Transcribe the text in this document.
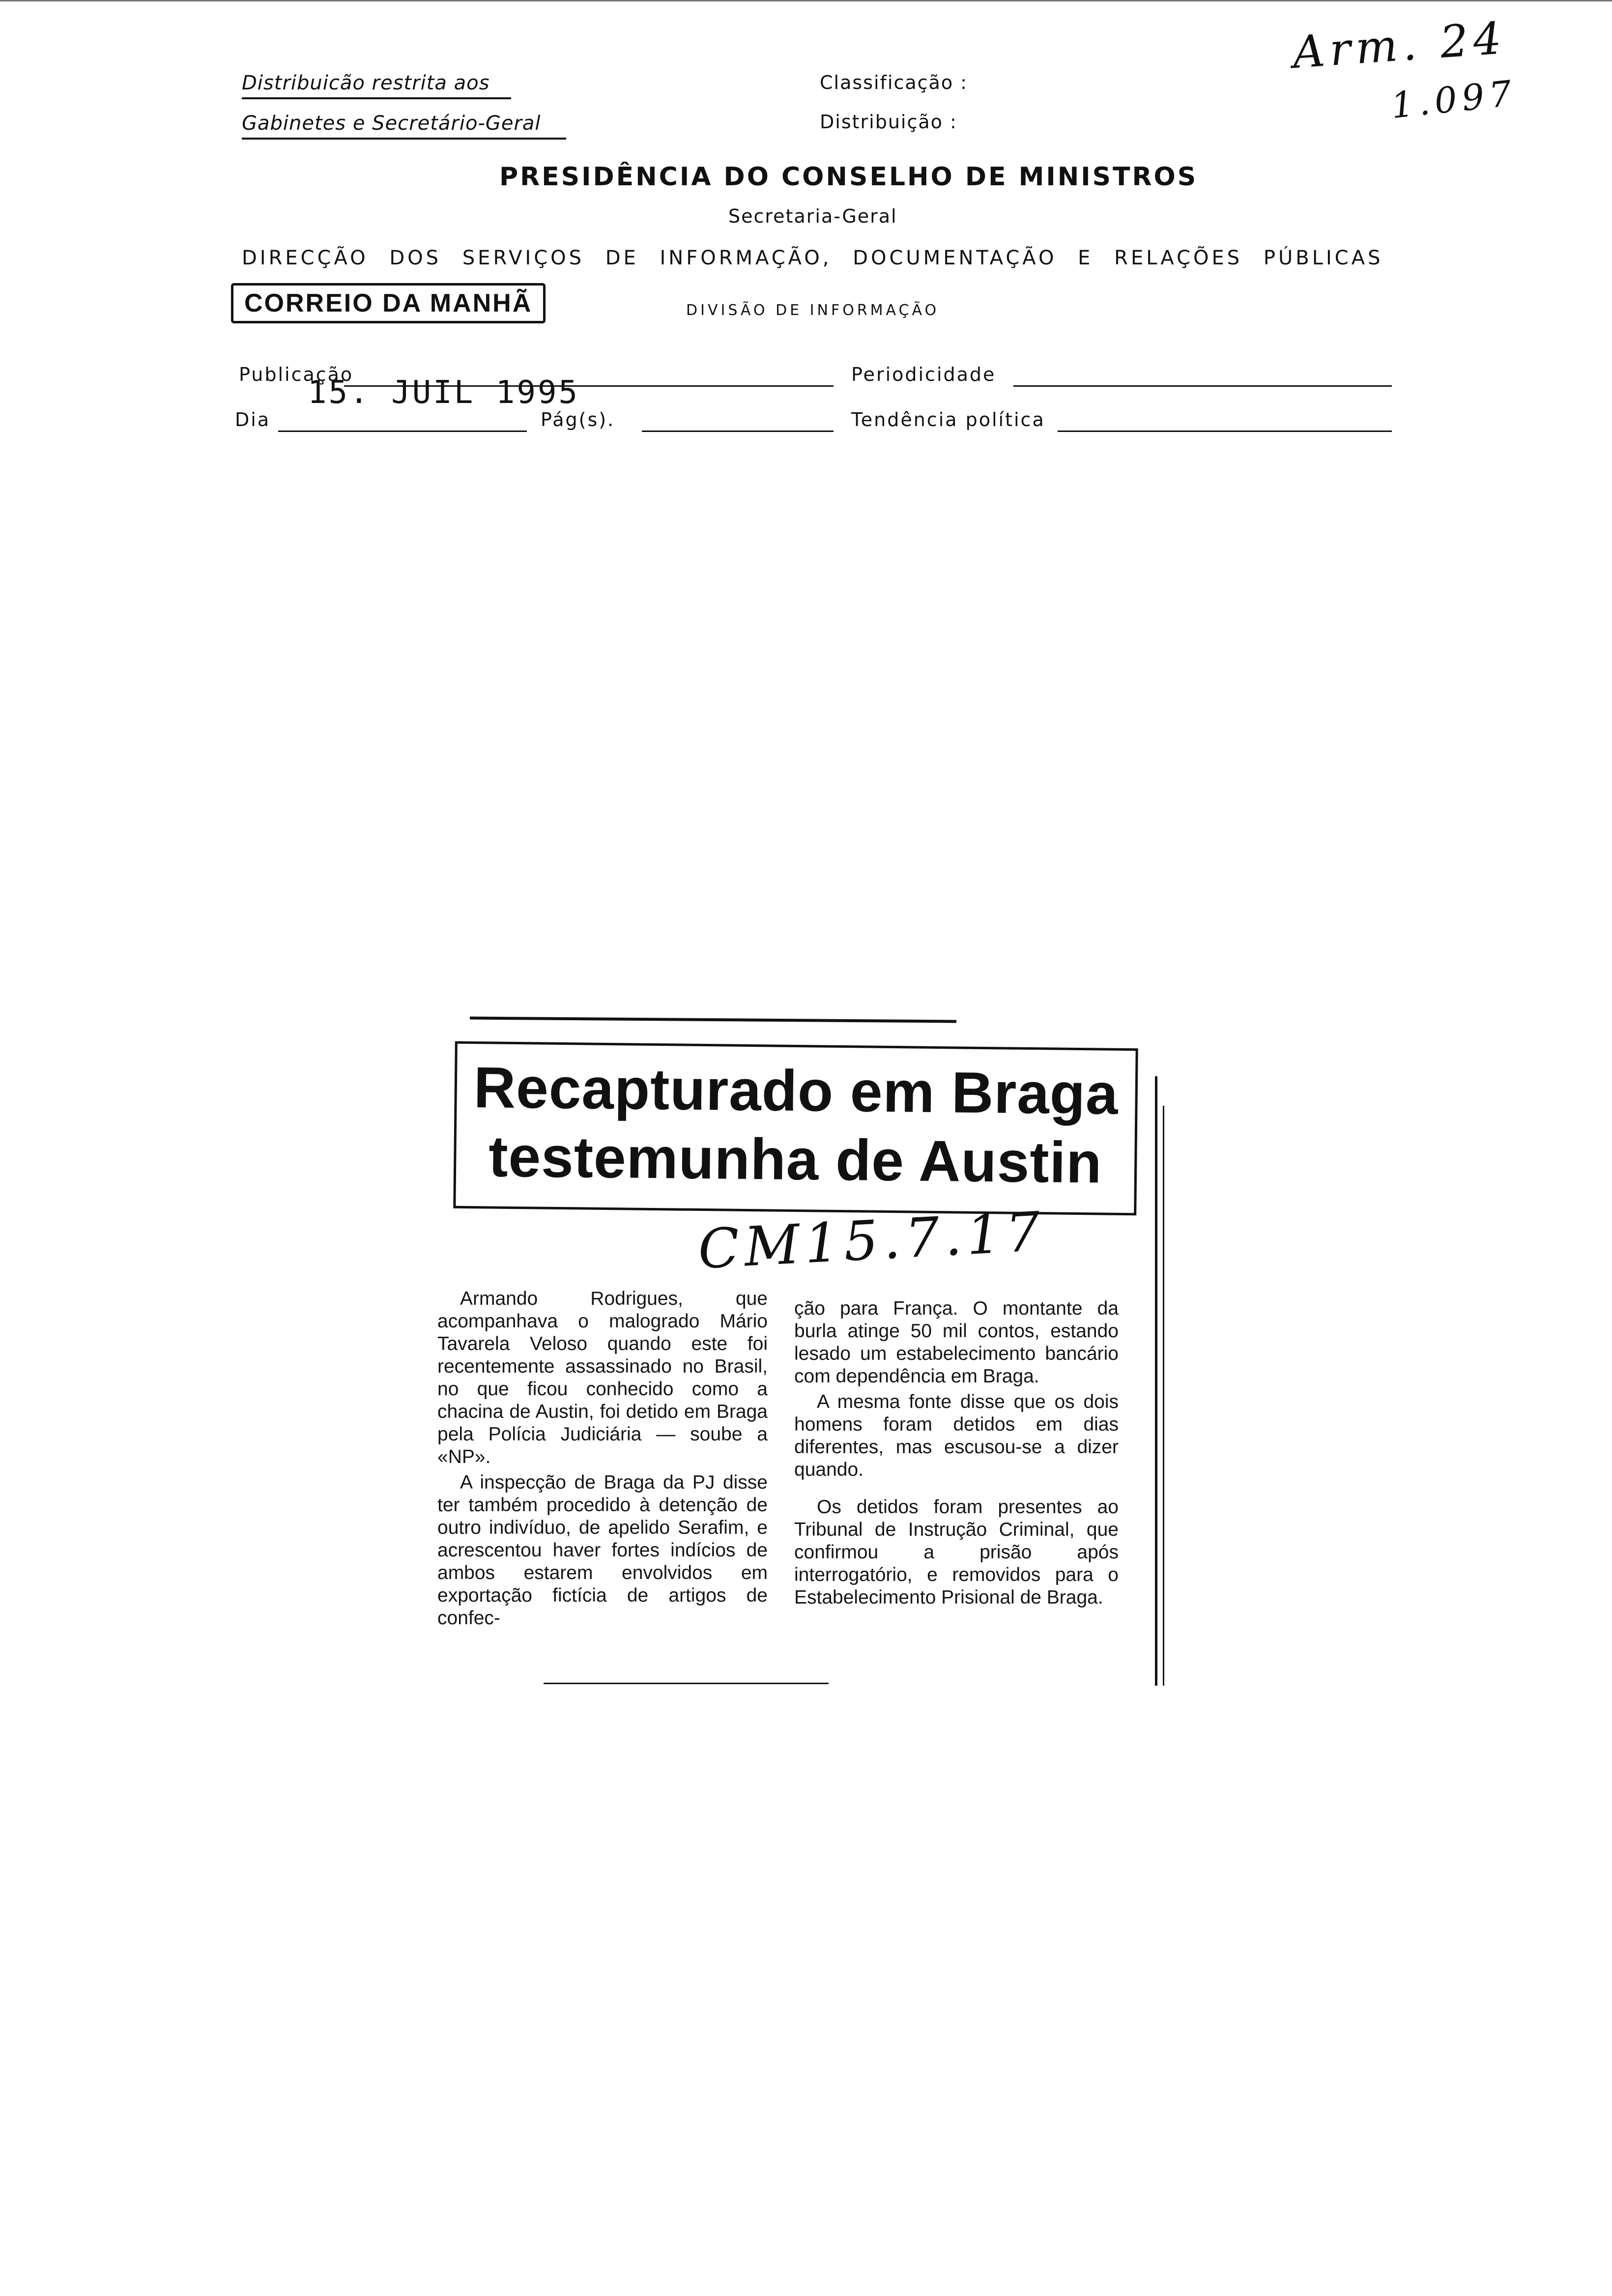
Distribuicão restrita aos
Gabinetes e Secretário-Geral
Classificação :
Distribuição :
Arm. 24
1.097
PRESIDÊNCIA DO CONSELHO DE MINISTROS
Secretaria-Geral
DIRECÇÃO DOS SERVIÇOS DE INFORMAÇÃO, DOCUMENTAÇÃO E RELAÇÕES PÚBLICAS
CORREIO DA MANHÃ	DIVISÃO DE INFORMAÇÃO
Publicação	Periodicidade
15. JUIL 1995
Dia	Pág(s).	Tendência política
Recapturado em Braga
testemunha de Austin
CM15.7.17

Armando Rodrigues, que acompanhava o malogrado Mário Tavarela Veloso quando este foi recentemente assassinado no Brasil, no que ficou conhecido como a chacina de Austin, foi detido em Braga pela Polícia Judiciária — soube a «NP».

A inspecção de Braga da PJ disse ter também procedido à detenção de outro indivíduo, de apelido Serafim, e acrescentou haver fortes indícios de ambos estarem envolvidos em exportação fictícia de artigos de confec-

ção para França. O montante da burla atinge 50 mil contos, estando lesado um estabelecimento bancário com dependência em Braga.

A mesma fonte disse que os dois homens foram detidos em dias diferentes, mas escusou-se a dizer quando.

Os detidos foram presentes ao Tribunal de Instrução Criminal, que confirmou a prisão após interrogatório, e removidos para o Estabelecimento Prisional de Braga.
